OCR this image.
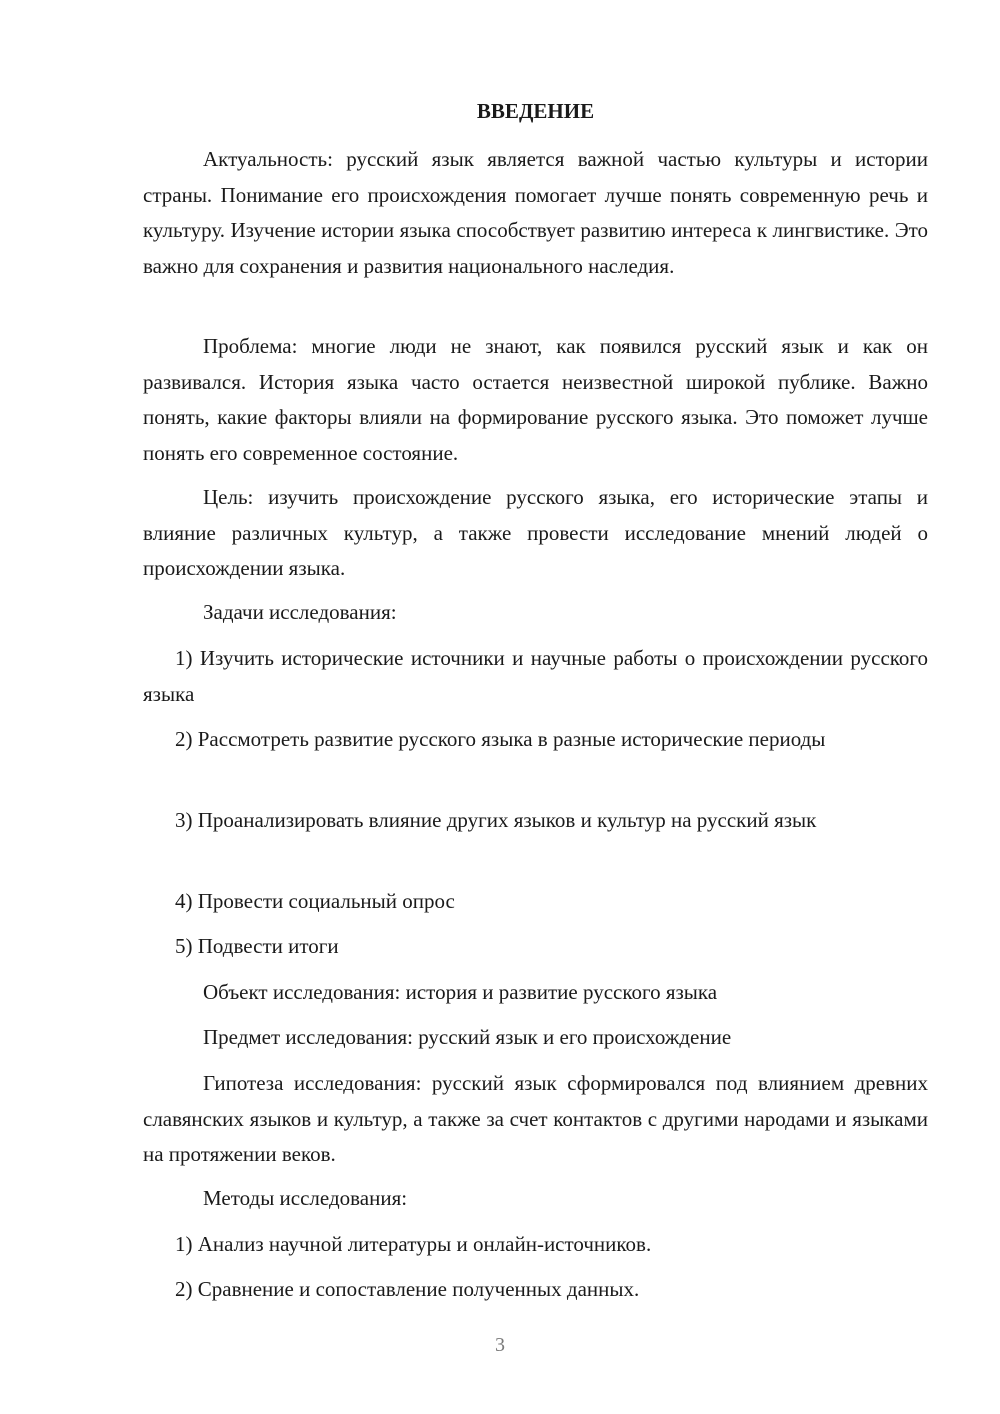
ВВЕДЕНИЕ
Актуальность: русский язык является важной частью культуры и истории страны. Понимание его происхождения помогает лучше понять современную речь и культуру. Изучение истории языка способствует развитию интереса к лингвистике. Это важно для сохранения и развития национального наследия.
Проблема: многие люди не знают, как появился русский язык и как он развивался. История языка часто остается неизвестной широкой публике. Важно понять, какие факторы влияли на формирование русского языка. Это поможет лучше понять его современное состояние.
Цель: изучить происхождение русского языка, его исторические этапы и влияние различных культур, а также провести исследование мнений людей о происхождении языка.
Задачи исследования:
1) Изучить исторические источники и научные работы о происхождении русского языка
2) Рассмотреть развитие русского языка в разные исторические периоды
3) Проанализировать влияние других языков и культур на русский язык
4) Провести социальный опрос
5) Подвести итоги
Объект исследования: история и развитие русского языка
Предмет исследования: русский язык и его происхождение
Гипотеза исследования: русский язык сформировался под влиянием древних славянских языков и культур, а также за счет контактов с другими народами и языками на протяжении веков.
Методы исследования:
1) Анализ научной литературы и онлайн-источников.
2) Сравнение и сопоставление полученных данных.
3
